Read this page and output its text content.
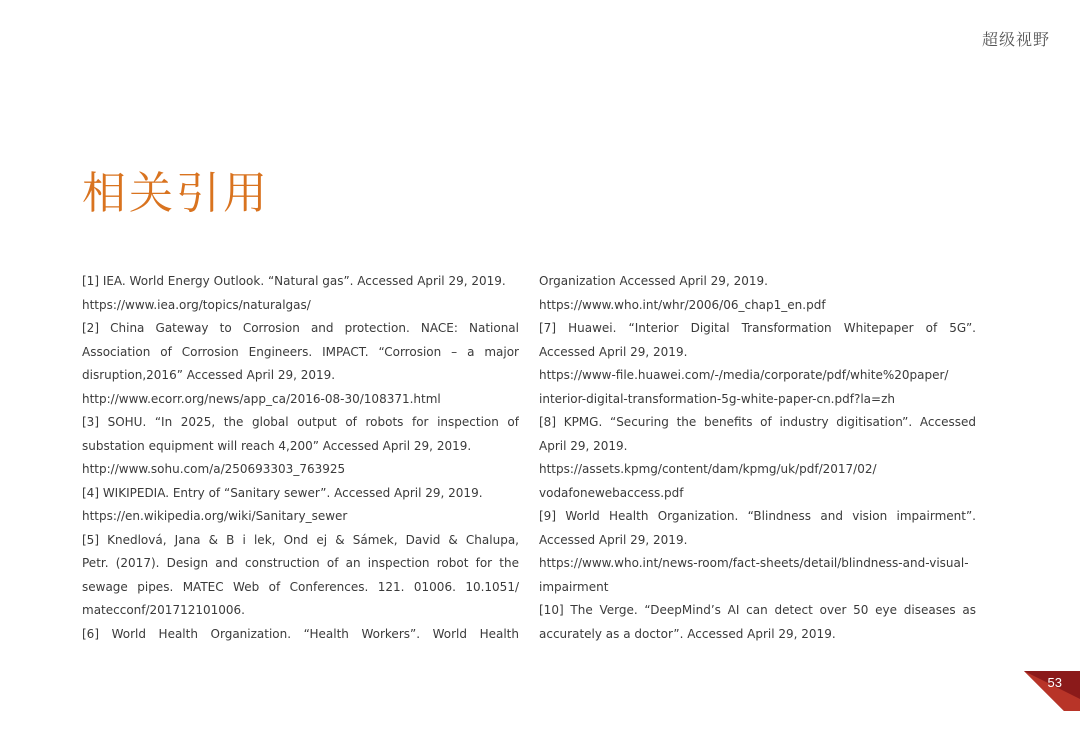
超级视野
相关引用
[1] IEA. World Energy Outlook. “Natural gas”. Accessed April 29, 2019.
https://www.iea.org/topics/naturalgas/
[2] China Gateway to Corrosion and protection. NACE: National
Association of Corrosion Engineers. IMPACT. “Corrosion – a major
disruption,2016” Accessed April 29, 2019.
http://www.ecorr.org/news/app_ca/2016-08-30/108371.html
[3] SOHU. “In 2025, the global output of robots for inspection of
substation equipment will reach 4,200” Accessed April 29, 2019.
http://www.sohu.com/a/250693303_763925
[4] WIKIPEDIA. Entry of “Sanitary sewer”. Accessed April 29, 2019.
https://en.wikipedia.org/wiki/Sanitary_sewer
[5] Knedlová, Jana & B i lek, Ond ej & Sámek, David & Chalupa,
Petr. (2017). Design and construction of an inspection robot for the
sewage pipes. MATEC Web of Conferences. 121. 01006. 10.1051/
matecconf/201712101006.
[6] World Health Organization. “Health Workers”. World Health
Organization Accessed April 29, 2019.
https://www.who.int/whr/2006/06_chap1_en.pdf
[7] Huawei. “Interior Digital Transformation Whitepaper of 5G”.
Accessed April 29, 2019.
https://www-file.huawei.com/-/media/corporate/pdf/white%20paper/
interior-digital-transformation-5g-white-paper-cn.pdf?la=zh
[8] KPMG. “Securing the benefits of industry digitisation”. Accessed
April 29, 2019.
https://assets.kpmg/content/dam/kpmg/uk/pdf/2017/02/
vodafonewebaccess.pdf
[9] World Health Organization. “Blindness and vision impairment”.
Accessed April 29, 2019.
https://www.who.int/news-room/fact-sheets/detail/blindness-and-visual-
impairment
[10] The Verge. “DeepMind’s AI can detect over 50 eye diseases as
accurately as a doctor”. Accessed April 29, 2019.
53
